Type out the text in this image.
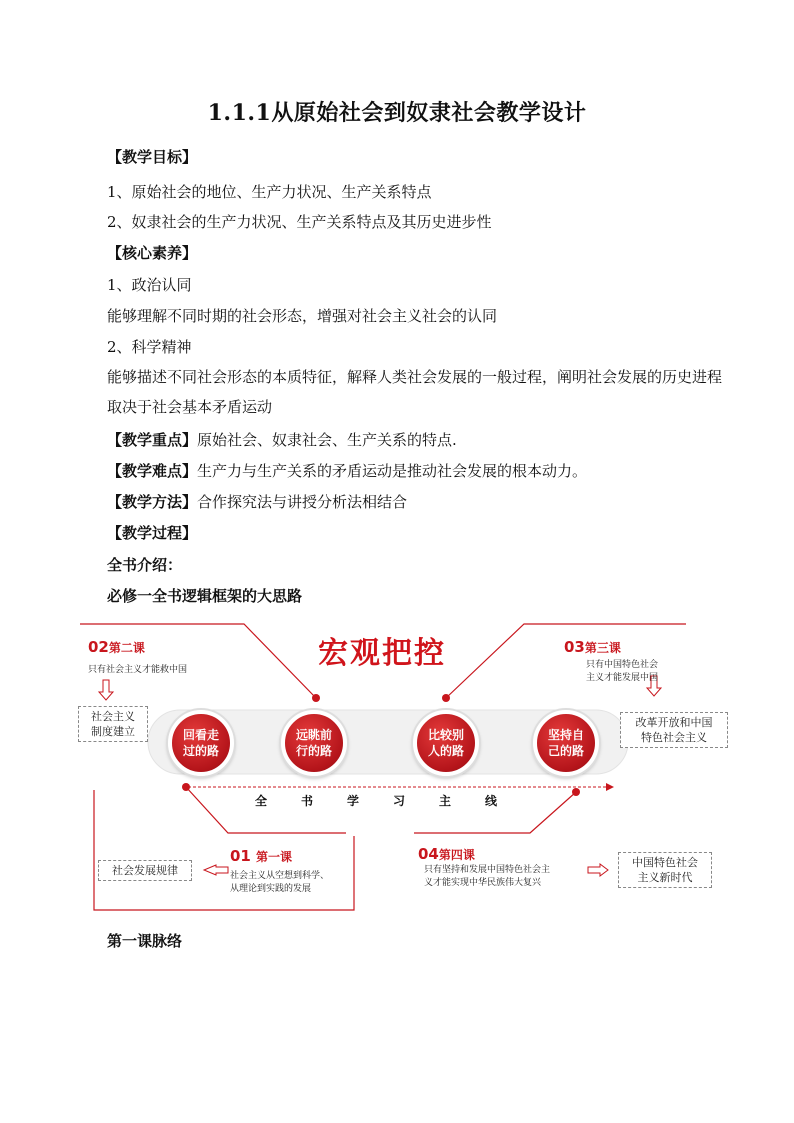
1.1.1从原始社会到奴隶社会教学设计
【教学目标】
1、原始社会的地位、生产力状况、生产关系特点
2、奴隶社会的生产力状况、生产关系特点及其历史进步性
【核心素养】
1、政治认同
能够理解不同时期的社会形态，增强对社会主义社会的认同
2、科学精神
能够描述不同社会形态的本质特征，解释人类社会发展的一般过程，阐明社会发展的历史进程取决于社会基本矛盾运动
【教学重点】原始社会、奴隶社会、生产关系的特点.
【教学难点】生产力与生产关系的矛盾运动是推动社会发展的根本动力。
【教学方法】合作探究法与讲授分析法相结合
【教学过程】
全书介绍：
必修一全书逻辑框架的大思路
宏观把控
02第二课
只有社会主义才能救中国
社会主义
制度建立
03第三课
只有中国特色社会
主义才能发展中国
改革开放和中国
特色社会主义
回看走
过的路
远眺前
行的路
比较别
人的路
坚持自
己的路
全	书	学	习	主	线
社会发展规律
01 第一课
社会主义从空想到科学、
从理论到实践的发展
04第四课
只有坚持和发展中国特色社会主
义才能实现中华民族伟大复兴
中国特色社会
主义新时代
第一课脉络
